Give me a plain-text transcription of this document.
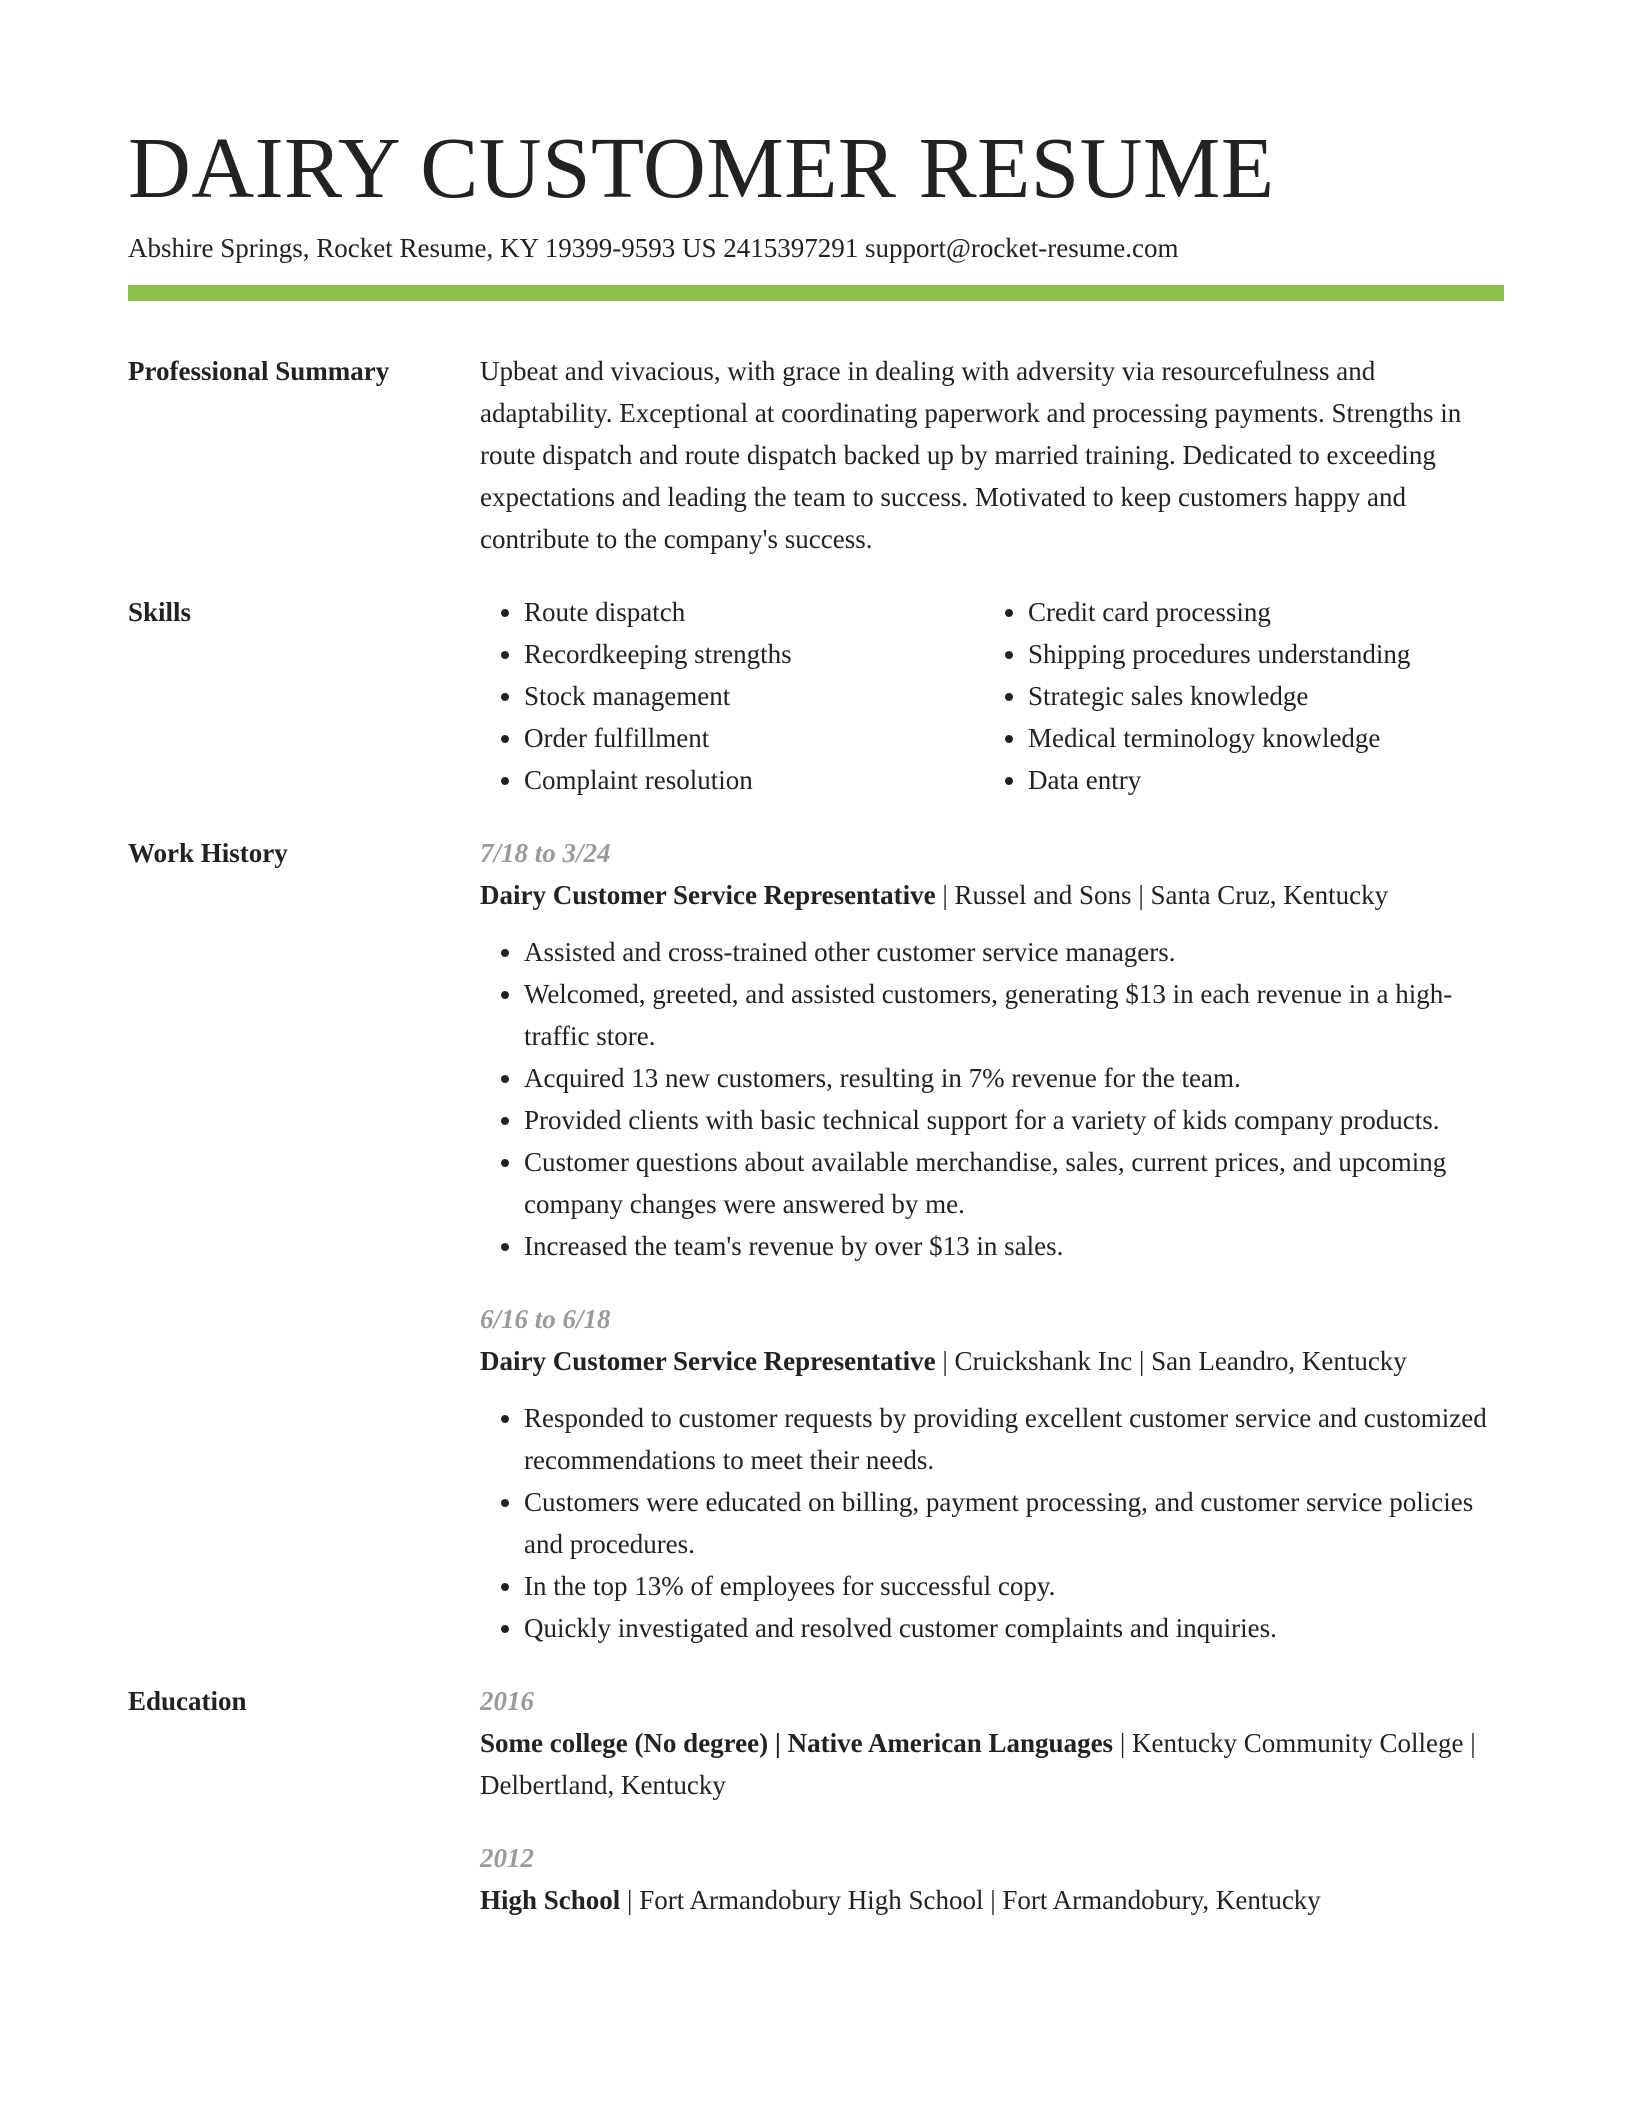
DAIRY CUSTOMER RESUME
Abshire Springs, Rocket Resume, KY 19399-9593 US 2415397291 support@rocket-resume.com
Professional Summary	Upbeat and vivacious, with grace in dealing with adversity via resourcefulness and adaptability. Exceptional at coordinating paperwork and processing payments. Strengths in route dispatch and route dispatch backed up by married training. Dedicated to exceeding expectations and leading the team to success. Motivated to keep customers happy and contribute to the company's success.

Skills	• Route dispatch
• Recordkeeping strengths
• Stock management
• Order fulfillment
• Complaint resolution
• Credit card processing
• Shipping procedures understanding
• Strategic sales knowledge
• Medical terminology knowledge
• Data entry
Work History	7/18 to 3/24
Dairy Customer Service Representative | Russel and Sons | Santa Cruz, Kentucky
• Assisted and cross-trained other customer service managers.
• Welcomed, greeted, and assisted customers, generating $13 in each revenue in a high-traffic store.
• Acquired 13 new customers, resulting in 7% revenue for the team.
• Provided clients with basic technical support for a variety of kids company products.
• Customer questions about available merchandise, sales, current prices, and upcoming company changes were answered by me.
• Increased the team's revenue by over $13 in sales.
6/16 to 6/18
Dairy Customer Service Representative | Cruickshank Inc | San Leandro, Kentucky
• Responded to customer requests by providing excellent customer service and customized recommendations to meet their needs.
• Customers were educated on billing, payment processing, and customer service policies and procedures.
• In the top 13% of employees for successful copy.
• Quickly investigated and resolved customer complaints and inquiries.
Education	2016
Some college (No degree) | Native American Languages | Kentucky Community College| Delbertland, Kentucky
2012
High School | Fort Armandobury High School | Fort Armandobury, Kentucky
